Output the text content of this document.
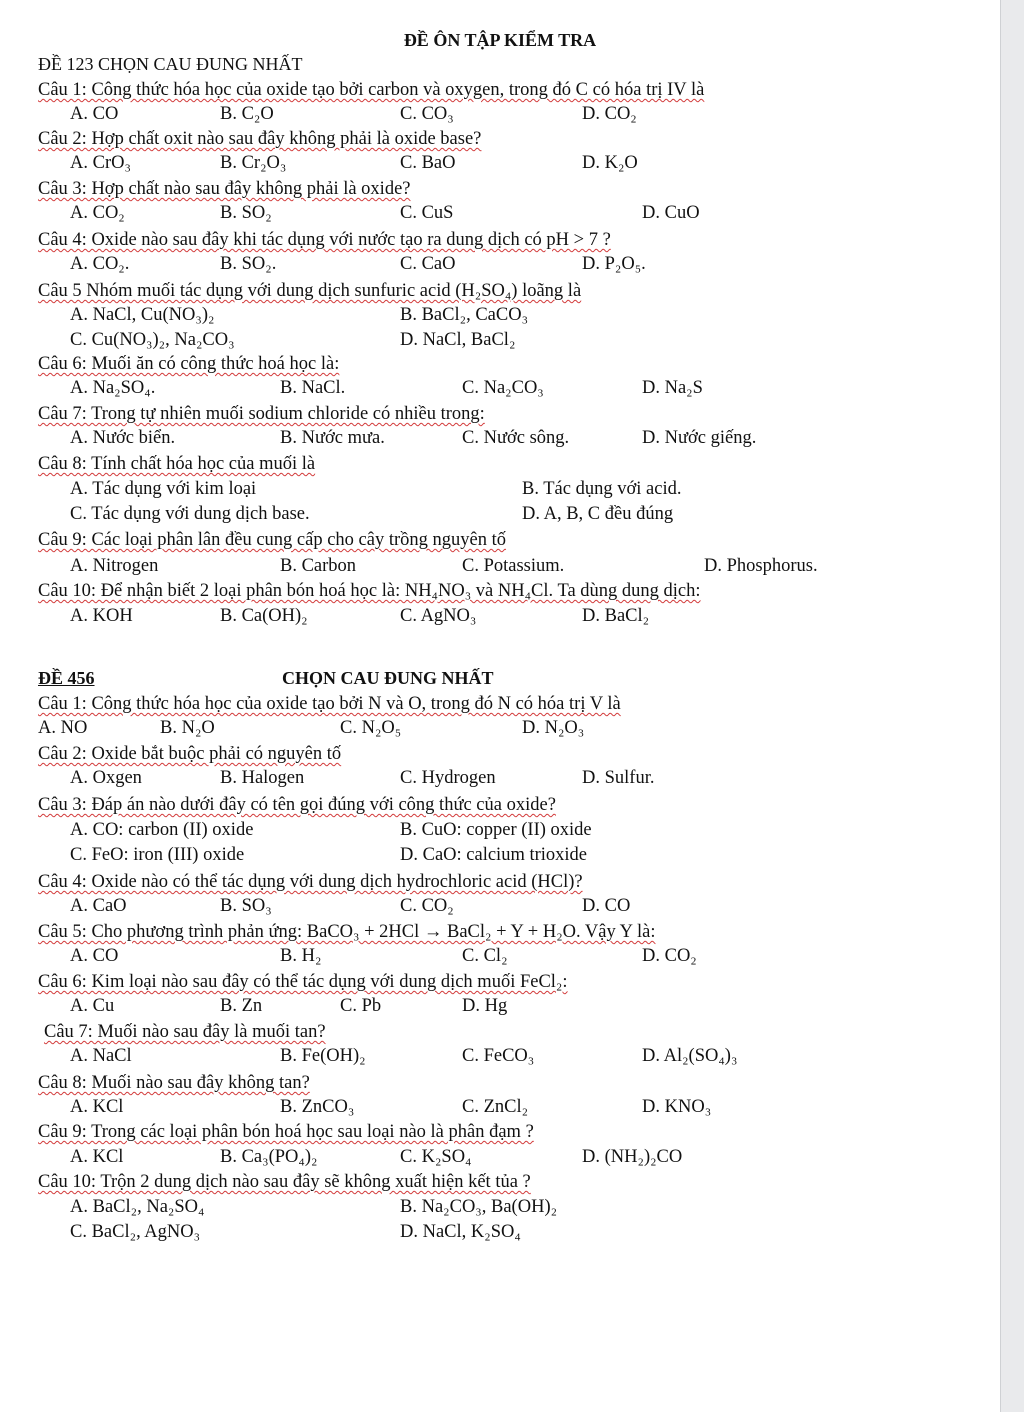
ĐỀ ÔN TẬP KIỂM TRA
ĐỀ 123 CHỌN CAU ĐUNG NHẤT
ĐỀ 456	CHỌN CAU ĐUNG NHẤT
Câu 1: Công thức hóa học của oxide tạo bởi carbon và oxygen, trong đó C có hóa trị IV là
A. CO	B. C₂O	C. CO₃	D. CO₂
Câu 2: Hợp chất oxit nào sau đây không phải là oxide base?
A. CrO₃	B. Cr₂O₃	C. BaO	D. K₂O
Câu 3: Hợp chất nào sau đây không phải là oxide?
A. CO₂	B. SO₂	C. CuS	D. CuO
Câu 4: Oxide nào sau đây khi tác dụng với nước tạo ra dung dịch có pH > 7 ?
A. CO₂.	B. SO₂.	C. CaO	D. P₂O₅.
Câu 5 Nhóm muối tác dụng với dung dịch sunfuric acid (H₂SO₄) loãng là
A. NaCl, Cu(NO₃)₂	B. BaCl₂, CaCO₃
C. Cu(NO₃)₂, Na₂CO₃	D. NaCl, BaCl₂
Câu 6: Muối ăn có công thức hoá học là:
A. Na₂SO₄.	B. NaCl.	C. Na₂CO₃	D. Na₂S
Câu 7: Trong tự nhiên muối sodium chloride có nhiều trong:
A. Nước biển.	B. Nước mưa.	C. Nước sông.	D. Nước giếng.
Câu 8: Tính chất hóa học của muối là
A. Tác dụng với kim loại	B. Tác dụng với acid.
C. Tác dụng với dung dịch base.	D. A, B, C đều đúng
Câu 9: Các loại phân lân đều cung cấp cho cây trồng nguyên tố
A. Nitrogen	B. Carbon	C. Potassium.	D. Phosphorus.
Câu 10: Để nhận biết 2 loại phân bón hoá học là: NH₄NO₃ và NH₄Cl. Ta dùng dung dịch:
A. KOH	B. Ca(OH)₂	C. AgNO₃	D. BaCl₂
Câu 1: Công thức hóa học của oxide tạo bởi N và O, trong đó N có hóa trị V là
A. NO	B. N₂O	C. N₂O₅	D. N₂O₃
Câu 2: Oxide bắt buộc phải có nguyên tố
A. Oxgen	B. Halogen	C. Hydrogen	D. Sulfur.
Câu 3: Đáp án nào dưới đây có tên gọi đúng với công thức của oxide?
A. CO: carbon (II) oxide	B. CuO: copper (II) oxide
C. FeO: iron (III) oxide	D. CaO: calcium trioxide
Câu 4: Oxide nào có thể tác dụng với dung dịch hydrochloric acid (HCl)?
A. CaO	B. SO₃	C. CO₂	D. CO
Câu 5: Cho phương trình phản ứng: BaCO₃ + 2HCl → BaCl₂ + Y + H₂O. Vậy Y là:
A. CO	B. H₂	C. Cl₂	D. CO₂
Câu 6: Kim loại nào sau đây có thể tác dụng với dung dịch muối FeCl₂:
A. Cu	B. Zn	C. Pb	D. Hg
Câu 7: Muối nào sau đây là muối tan?
A. NaCl	B. Fe(OH)₂	C. FeCO₃	D. Al₂(SO₄)₃
Câu 8: Muối nào sau đây không tan?
A. KCl	B. ZnCO₃	C. ZnCl₂	D. KNO₃
Câu 9: Trong các loại phân bón hoá học sau loại nào là phân đạm ?
A. KCl	B. Ca₃(PO₄)₂	C. K₂SO₄	D. (NH₂)₂CO
Câu 10: Trộn 2 dung dịch nào sau đây sẽ không xuất hiện kết tủa ?
A. BaCl₂, Na₂SO₄	B. Na₂CO₃, Ba(OH)₂
C. BaCl₂, AgNO₃	D. NaCl, K₂SO₄
